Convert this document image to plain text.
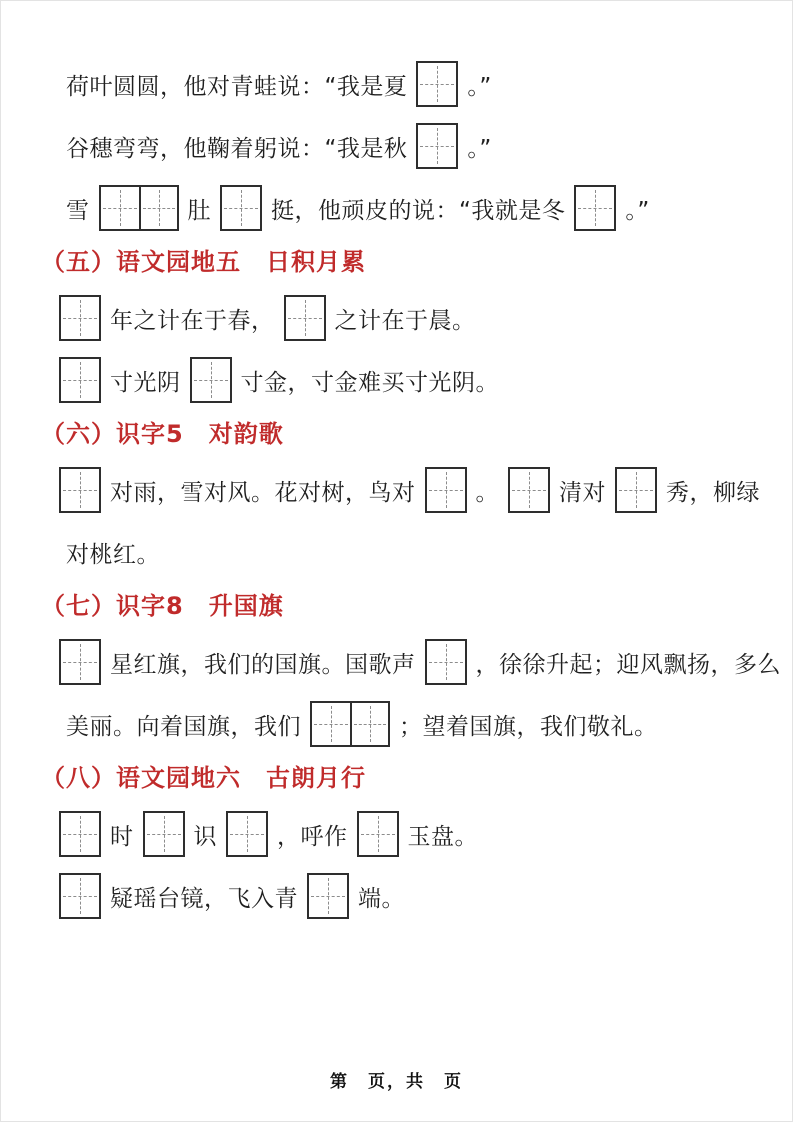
荷叶圆圆，他对青蛙说：“我是夏	。”
谷穗弯弯，他鞠着躬说：“我是秋	。”
雪	肚	挺，他顽皮的说：“我就是冬	。”
（五）语文园地五　日积月累
年之计在于春，	之计在于晨。
寸光阴	寸金，寸金难买寸光阴。
（六）识字5　对韵歌
对雨，雪对风。花对树，鸟对	。	清对	秀，柳绿
对桃红。
（七）识字8　升国旗
星红旗，我们的国旗。国歌声	，徐徐升起；迎风飘扬，多么
美丽。向着国旗，我们	；望着国旗，我们敬礼。
（八）语文园地六　古朗月行
时	识	，呼作	玉盘。
疑瑶台镜，飞入青	端。
第　页，共　页
